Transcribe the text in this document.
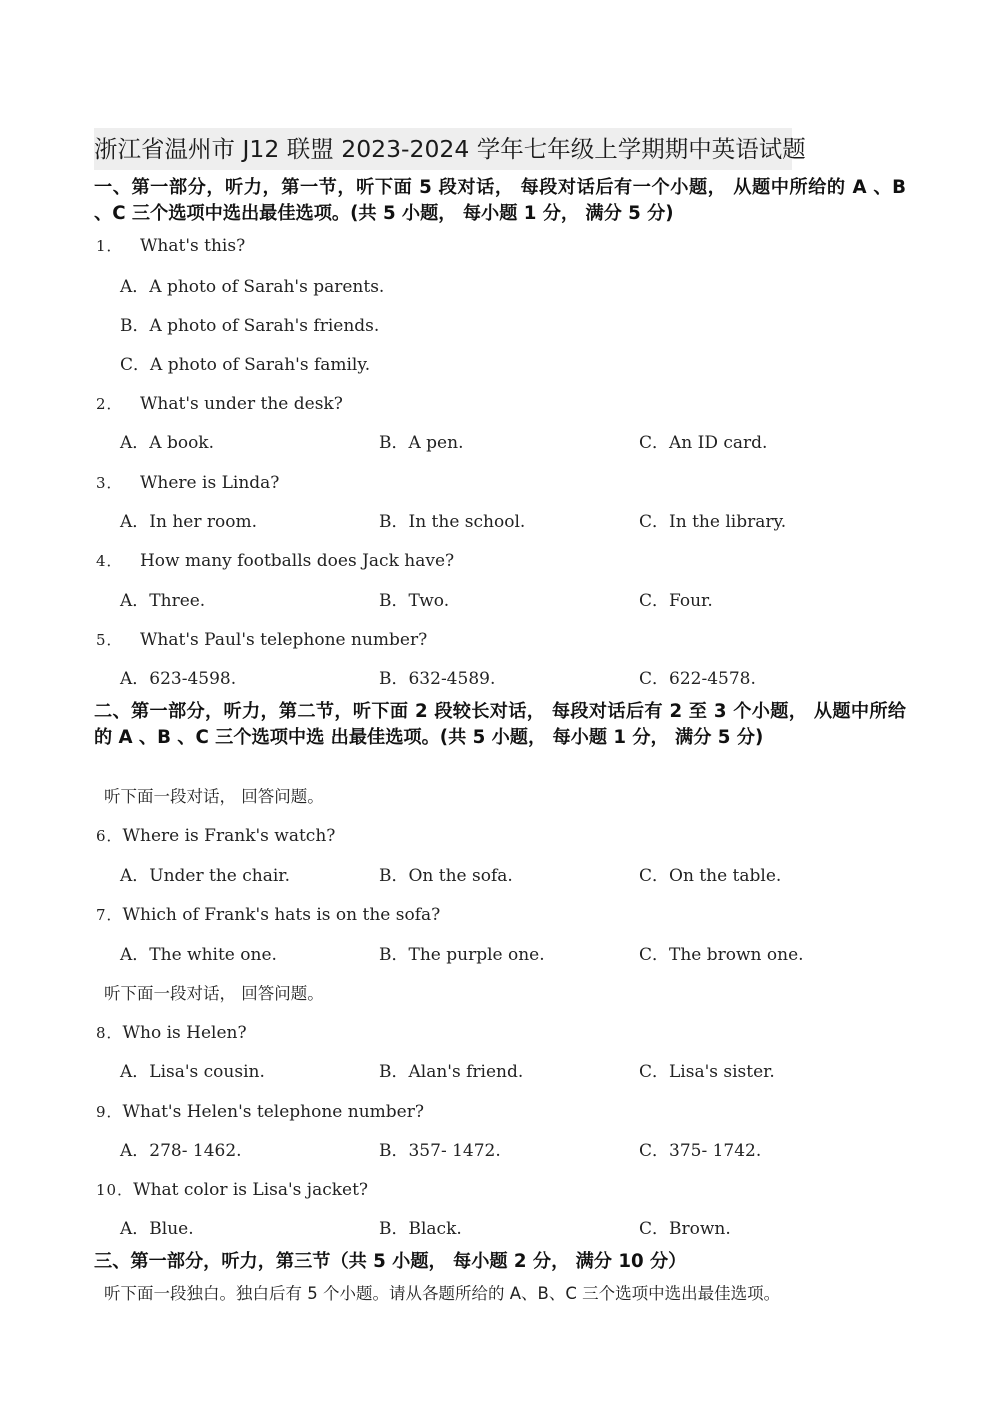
浙江省温州市 J12 联盟 2023-2024 学年七年级上学期期中英语试题
一、第一部分，听力，第一节，听下面 5 段对话， 每段对话后有一个小题， 从题中所给的 A 、B 、C 三个选项中选出最佳选项。(共 5 小题， 每小题 1 分， 满分 5 分)
1． What's this?
A．A photo of Sarah's parents.
B．A photo of Sarah's friends.
C．A photo of Sarah's family.
2． What's under the desk?
A．A book.	B．A pen.	C．An ID card.
3． Where is Linda?
A．In her room.	B．In the school.	C．In the library.
4． How many footballs does Jack have?
A．Three.	B．Two.	C．Four.
5． What's Paul's telephone number?
A．623-4598.	B．632-4589.	C．622-4578.
二、第一部分，听力，第二节，听下面 2 段较长对话， 每段对话后有 2 至 3 个小题， 从题中所给的 A 、B 、C 三个选项中选 出最佳选项。(共 5 小题， 每小题 1 分， 满分 5 分)
听下面一段对话， 回答问题。
6．Where is Frank's watch?
A．Under the chair.	B．On the sofa.	C．On the table.
7．Which of Frank's hats is on the sofa?
A．The white one.	B．The purple one.	C．The brown one.
听下面一段对话， 回答问题。
8．Who is Helen?
A．Lisa's cousin.	B．Alan's friend.	C．Lisa's sister.
9．What's Helen's telephone number?
A．278- 1462.	B．357- 1472.	C．375- 1742.
10．What color is Lisa's jacket?
A．Blue.	B．Black.	C．Brown.
三、第一部分，听力，第三节（共 5 小题， 每小题 2 分， 满分 10 分）
听下面一段独白。独白后有 5 个小题。请从各题所给的 A、B、C 三个选项中选出最佳选项。
